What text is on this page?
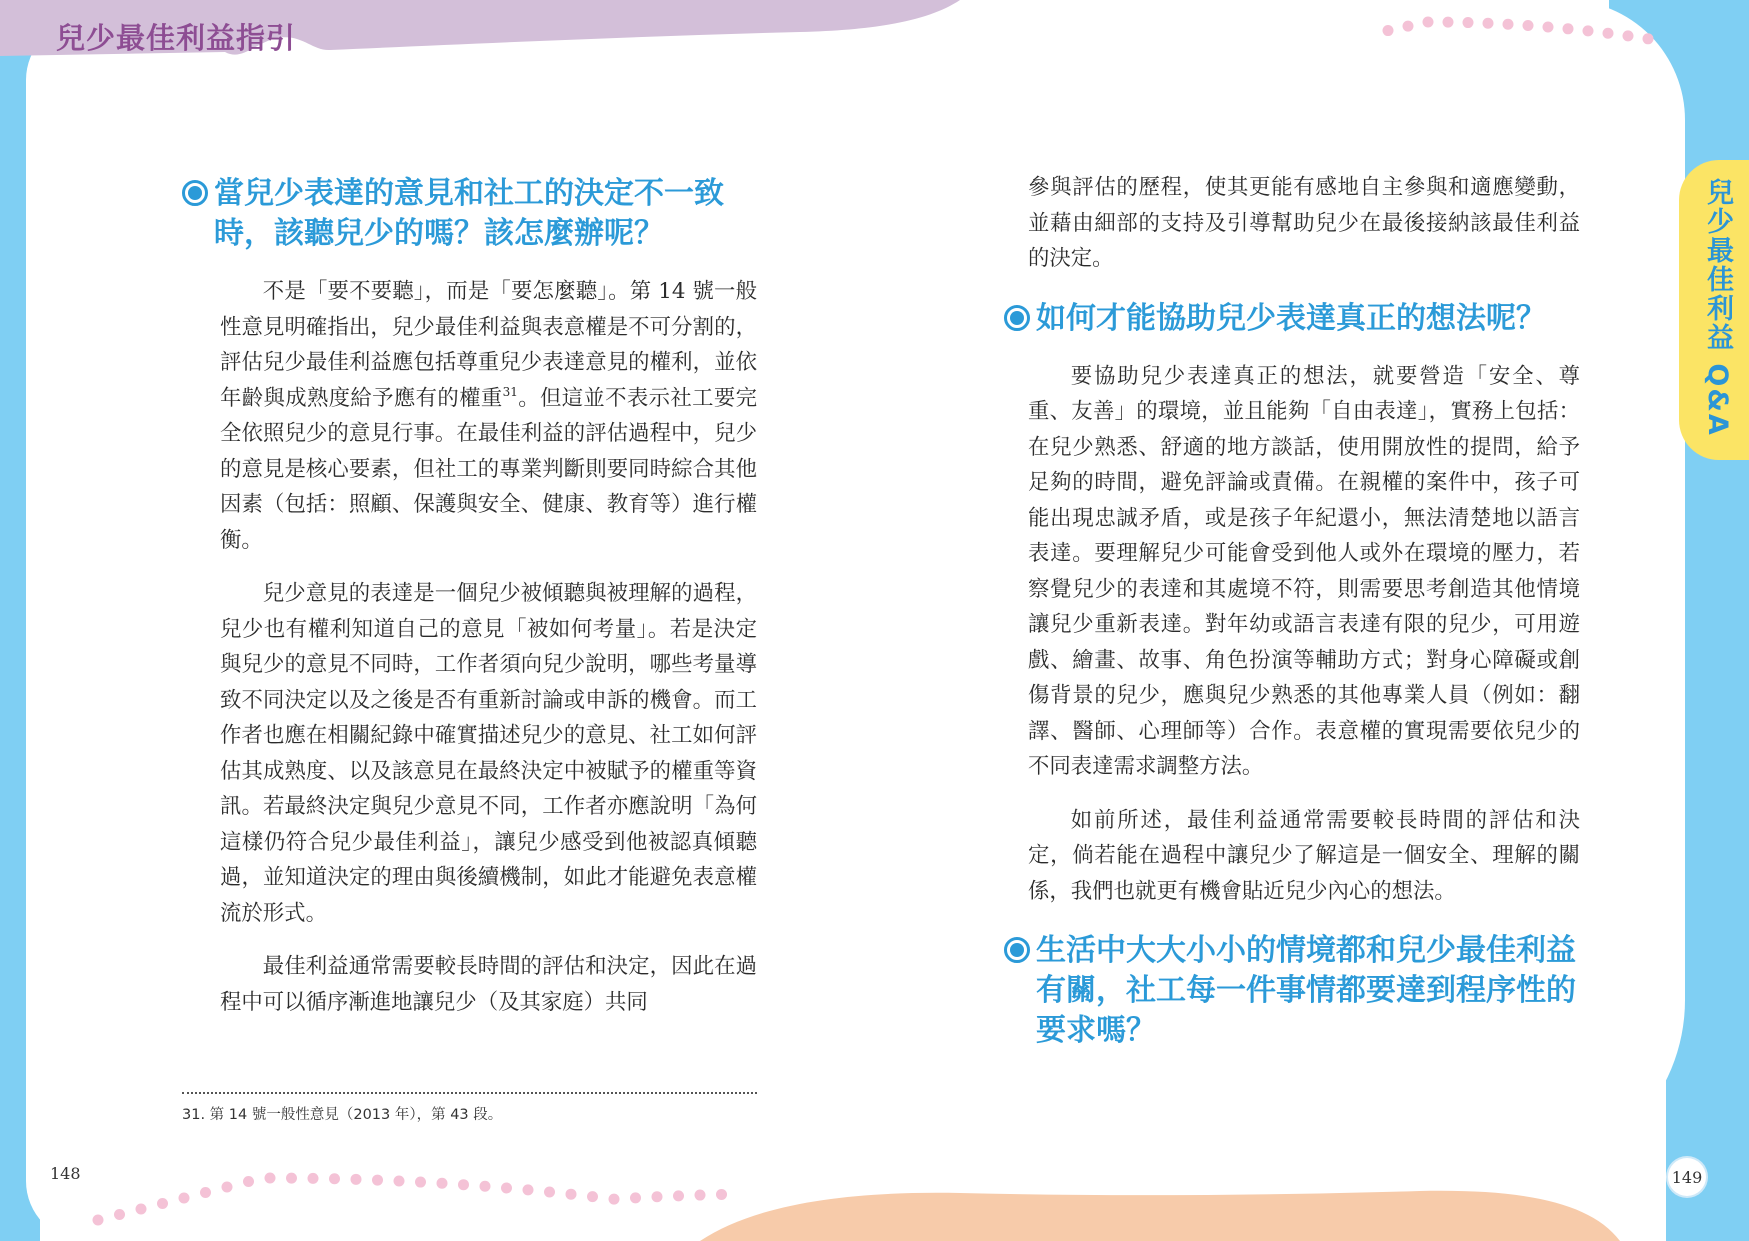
兒少最佳利益指引
兒少最佳利益 Q&A
當兒少表達的意見和社工的決定不一致時，該聽兒少的嗎？該怎麼辦呢？

不是「要不要聽」，而是「要怎麼聽」。第 14 號一般性意見明確指出，兒少最佳利益與表意權是不可分割的，評估兒少最佳利益應包括尊重兒少表達意見的權利，並依年齡與成熟度給予應有的權重$^{31}$。但這並不表示社工要完全依照兒少的意見行事。在最佳利益的評估過程中，兒少的意見是核心要素，但社工的專業判斷則要同時綜合其他因素（包括：照顧、保護與安全、健康、教育等）進行權衡。

兒少意見的表達是一個兒少被傾聽與被理解的過程，兒少也有權利知道自己的意見「被如何考量」。若是決定與兒少的意見不同時，工作者須向兒少說明，哪些考量導致不同決定以及之後是否有重新討論或申訴的機會。而工作者也應在相關紀錄中確實描述兒少的意見、社工如何評估其成熟度、以及該意見在最終決定中被賦予的權重等資訊。若最終決定與兒少意見不同，工作者亦應說明「為何這樣仍符合兒少最佳利益」，讓兒少感受到他被認真傾聽過，並知道決定的理由與後續機制，如此才能避免表意權流於形式。

最佳利益通常需要較長時間的評估和決定，因此在過程中可以循序漸進地讓兒少（及其家庭）共同

31. 第 14 號一般性意見（2013 年），第 43 段。
148

參與評估的歷程，使其更能有感地自主參與和適應變動，並藉由細部的支持及引導幫助兒少在最後接納該最佳利益的決定。

如何才能協助兒少表達真正的想法呢？

要協助兒少表達真正的想法，就要營造「安全、尊重、友善」的環境，並且能夠「自由表達」，實務上包括：在兒少熟悉、舒適的地方談話，使用開放性的提問，給予足夠的時間，避免評論或責備。在親權的案件中，孩子可能出現忠誠矛盾，或是孩子年紀還小，無法清楚地以語言表達。要理解兒少可能會受到他人或外在環境的壓力，若察覺兒少的表達和其處境不符，則需要思考創造其他情境讓兒少重新表達。對年幼或語言表達有限的兒少，可用遊戲、繪畫、故事、角色扮演等輔助方式；對身心障礙或創傷背景的兒少，應與兒少熟悉的其他專業人員（例如：翻譯、醫師、心理師等）合作。表意權的實現需要依兒少的不同表達需求調整方法。

如前所述，最佳利益通常需要較長時間的評估和決定，倘若能在過程中讓兒少了解這是一個安全、理解的關係，我們也就更有機會貼近兒少內心的想法。

生活中大大小小的情境都和兒少最佳利益有關，社工每一件事情都要達到程序性的要求嗎？
149
